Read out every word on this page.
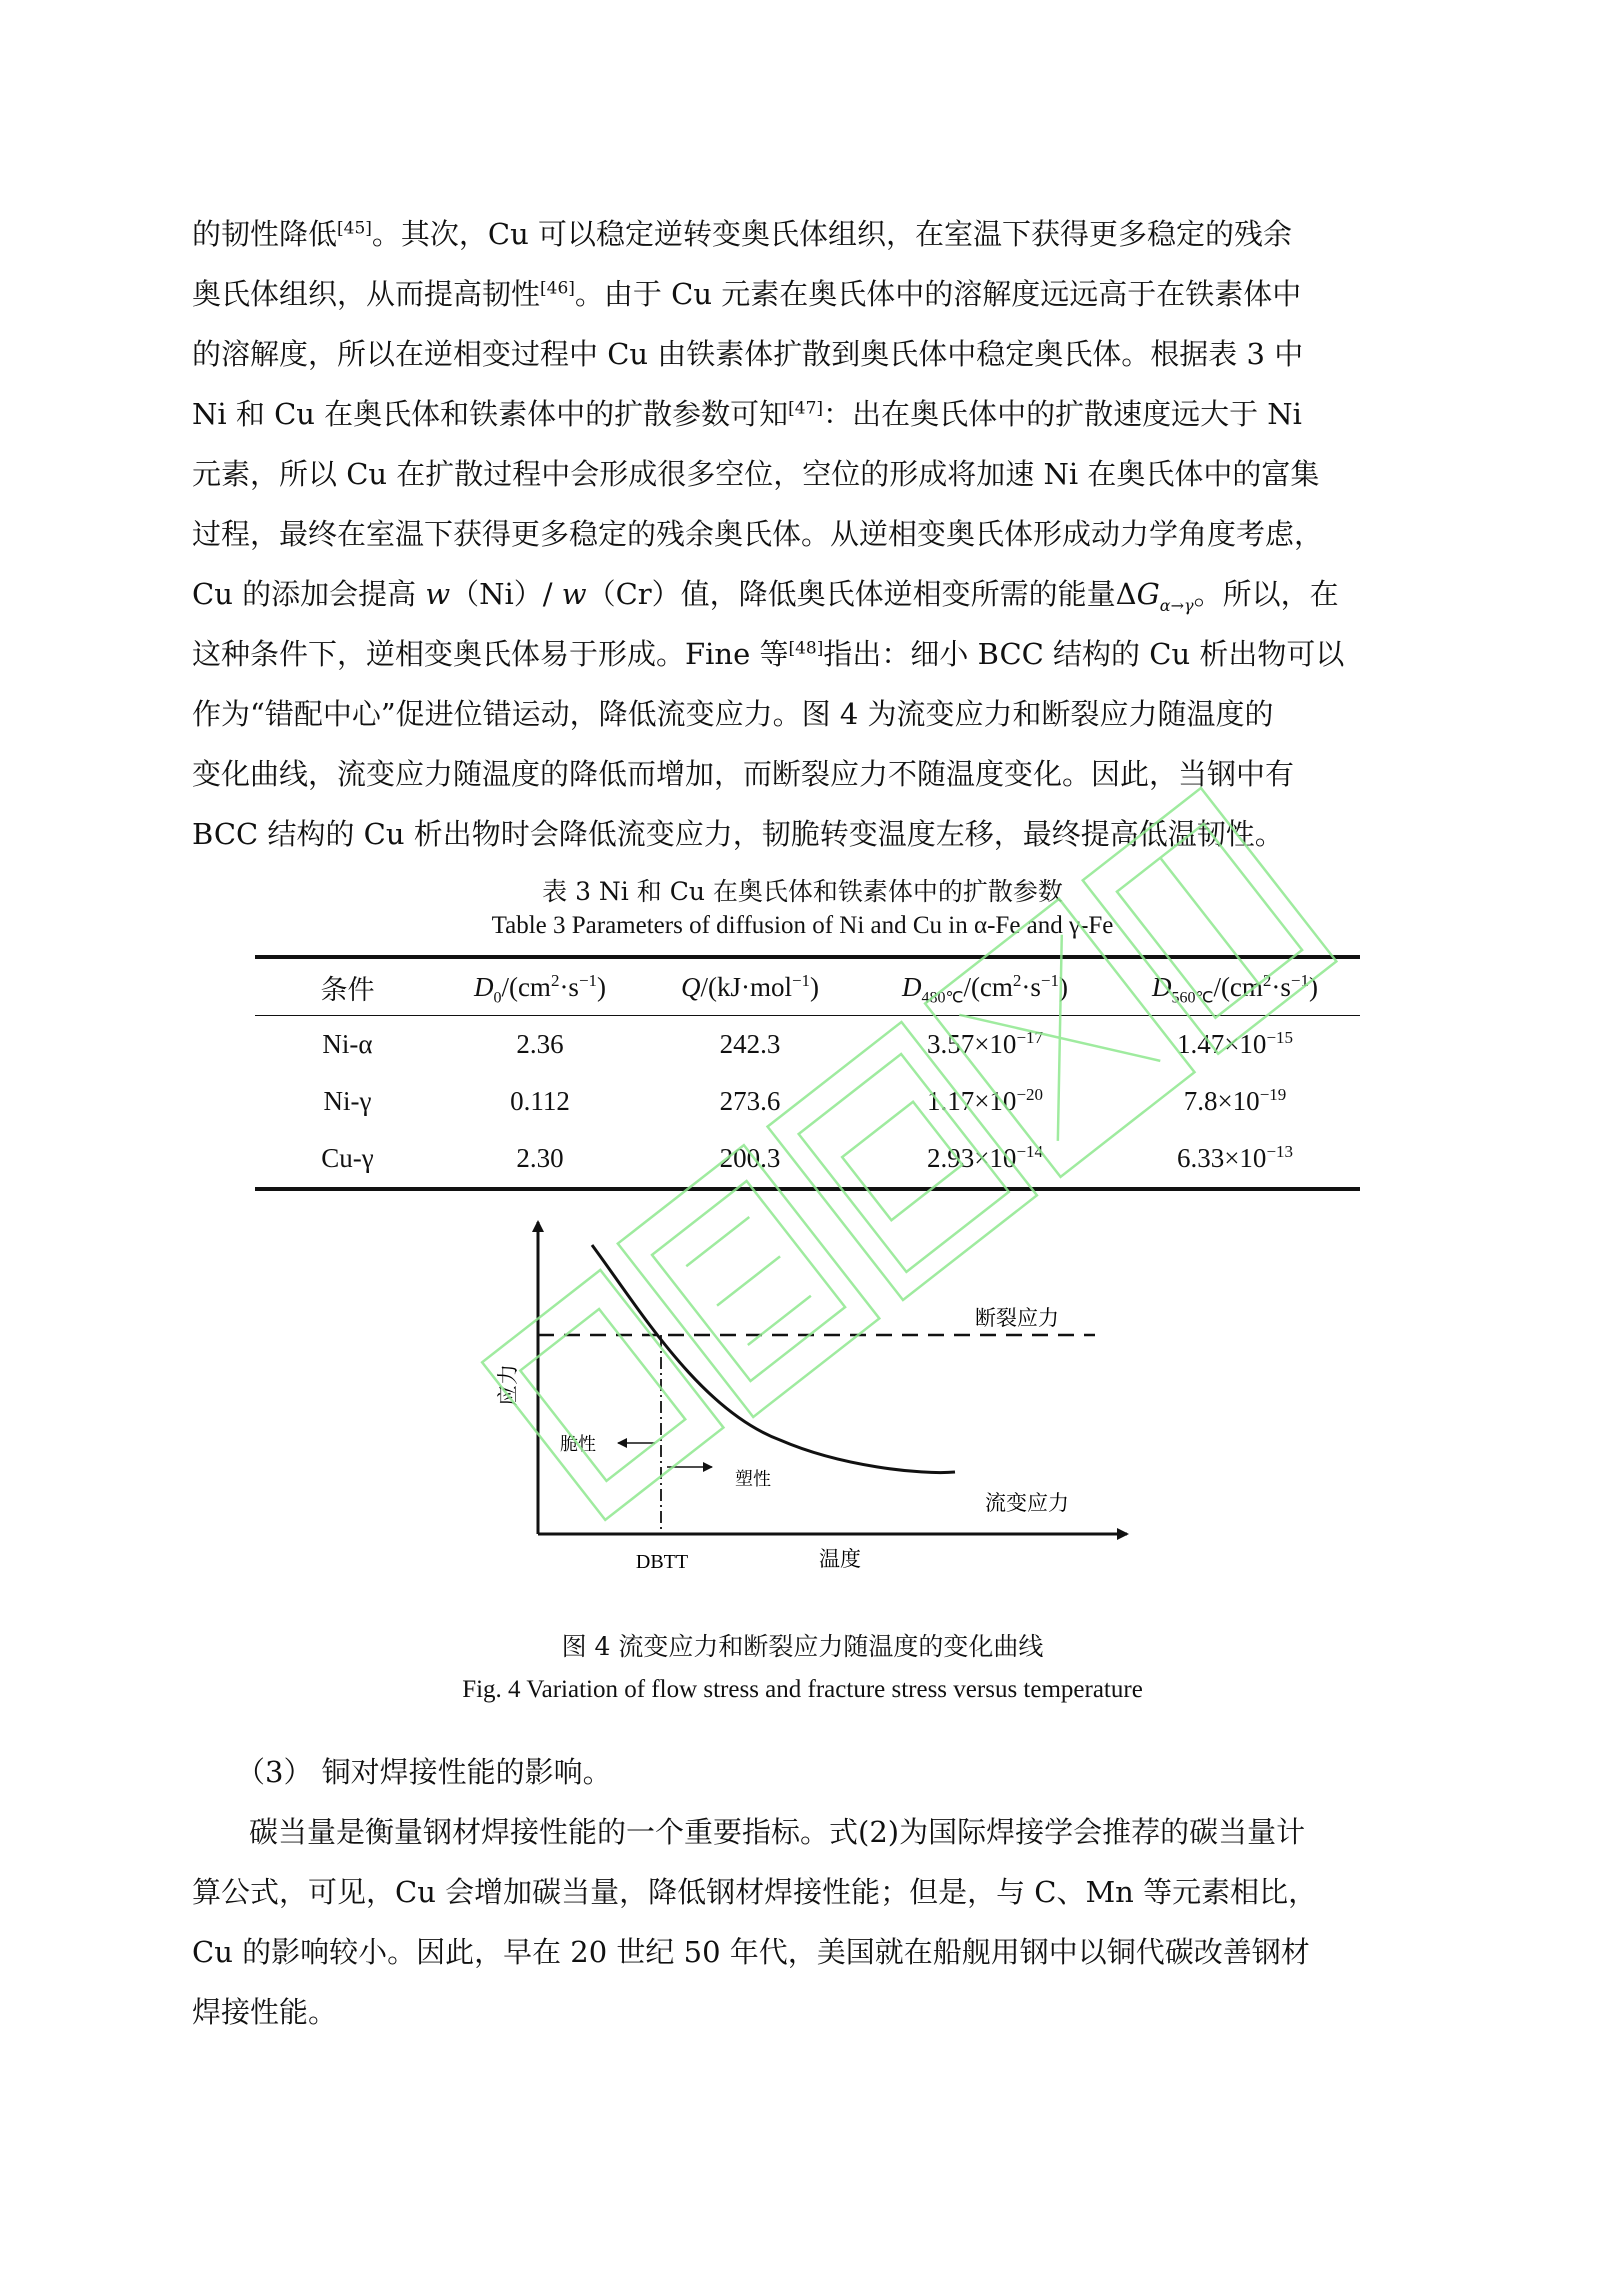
的韧性降低[45]。其次，Cu 可以稳定逆转变奥氏体组织，在室温下获得更多稳定的残余
奥氏体组织，从而提高韧性[46]。由于 Cu 元素在奥氏体中的溶解度远远高于在铁素体中
的溶解度，所以在逆相变过程中 Cu 由铁素体扩散到奥氏体中稳定奥氏体。根据表 3 中
Ni 和 Cu 在奥氏体和铁素体中的扩散参数可知[47]：出在奥氏体中的扩散速度远大于 Ni
元素，所以 Cu 在扩散过程中会形成很多空位，空位的形成将加速 Ni 在奥氏体中的富集
过程，最终在室温下获得更多稳定的残余奥氏体。从逆相变奥氏体形成动力学角度考虑，
Cu 的添加会提高 w（Ni）/ w（Cr）值，降低奥氏体逆相变所需的能量$\Delta G_{\alpha\to\gamma}$。所以，在
这种条件下，逆相变奥氏体易于形成。Fine 等[48]指出：细小 BCC 结构的 Cu 析出物可以
作为“错配中心”促进位错运动，降低流变应力。图 4 为流变应力和断裂应力随温度的
变化曲线，流变应力随温度的降低而增加，而断裂应力不随温度变化。因此，当钢中有
BCC 结构的 Cu 析出物时会降低流变应力，韧脆转变温度左移，最终提高低温韧性。
表 3 Ni 和 Cu 在奥氏体和铁素体中的扩散参数
Table 3 Parameters of diffusion of Ni and Cu in α-Fe and γ-Fe
条件	$D_0/(cm^2\cdot s^{-1})$	Q/(kJ·mol$^{-1}$)	$D_{480℃}/(cm^2\cdot s^{-1})$	$D_{560℃}/(cm^2\cdot s^{-1})$
Ni-α	2.36	242.3	$3.57\times 10^{-17}$	$1.47\times 10^{-15}$
Ni-γ	0.112	273.6	$1.17\times 10^{-20}$	$7.8\times 10^{-19}$
Cu-γ	2.30	200.3	$2.93\times 10^{-14}$	$6.33\times 10^{-13}$
应力
断裂应力
流变应力
脆性
塑性
DBTT	温度
图 4 流变应力和断裂应力随温度的变化曲线
Fig. 4 Variation of flow stress and fracture stress versus temperature
（3） 铜对焊接性能的影响。
碳当量是衡量钢材焊接性能的一个重要指标。式(2)为国际焊接学会推荐的碳当量计
算公式，可见，Cu 会增加碳当量，降低钢材焊接性能；但是，与 C、Mn 等元素相比，
Cu 的影响较小。因此，早在 20 世纪 50 年代，美国就在船舰用钢中以铜代碳改善钢材
焊接性能。
